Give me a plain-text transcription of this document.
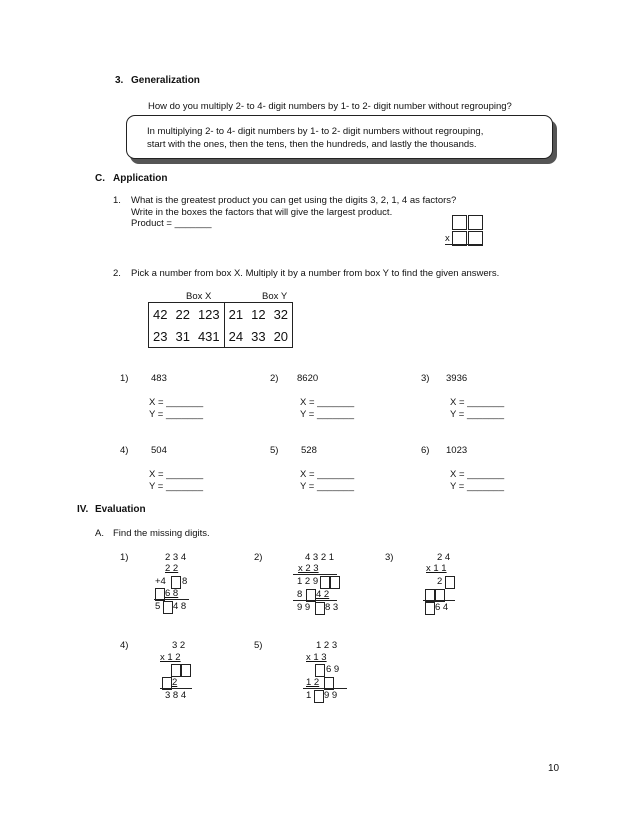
3. Generalization
How do you multiply 2- to 4- digit numbers by 1- to 2- digit number without regrouping?
In multiplying 2- to 4- digit numbers by 1- to 2- digit numbers without regrouping,
start with the ones, then the tens, then the hundreds, and lastly the thousands.
C. Application
1. What is the greatest product you can get using the digits 3, 2, 1, 4 as factors?
Write in the boxes the factors that will give the largest product.
Product = _______
x
2. Pick a number from box X. Multiply it by a number from box Y to find the given answers.
Box X	Box Y
42	22	123	21	12	32
23	31	431	24	33	20
1) 483
X = _______
Y = _______
2) 8620
X = _______
Y = _______
3) 3936
X = _______
Y = _______
4) 504
X = _______
Y = _______
5) 528
X = _______
Y = _______
6) 1023
X = _______
Y = _______
IV. Evaluation
A. Find the missing digits.
1)	2 3 4
2 2
+4 8
6 8
5 4 8
2)	4 3 2 1
x 2 3
1 2 9
8 4 2
9 9 8 3
3)	2 4
x 1 1
2
6 4
4)	3 2
x 1 2
2
3 8 4
5)	1 2 3
x 1 3
6 9
1 2
1 9 9
10
